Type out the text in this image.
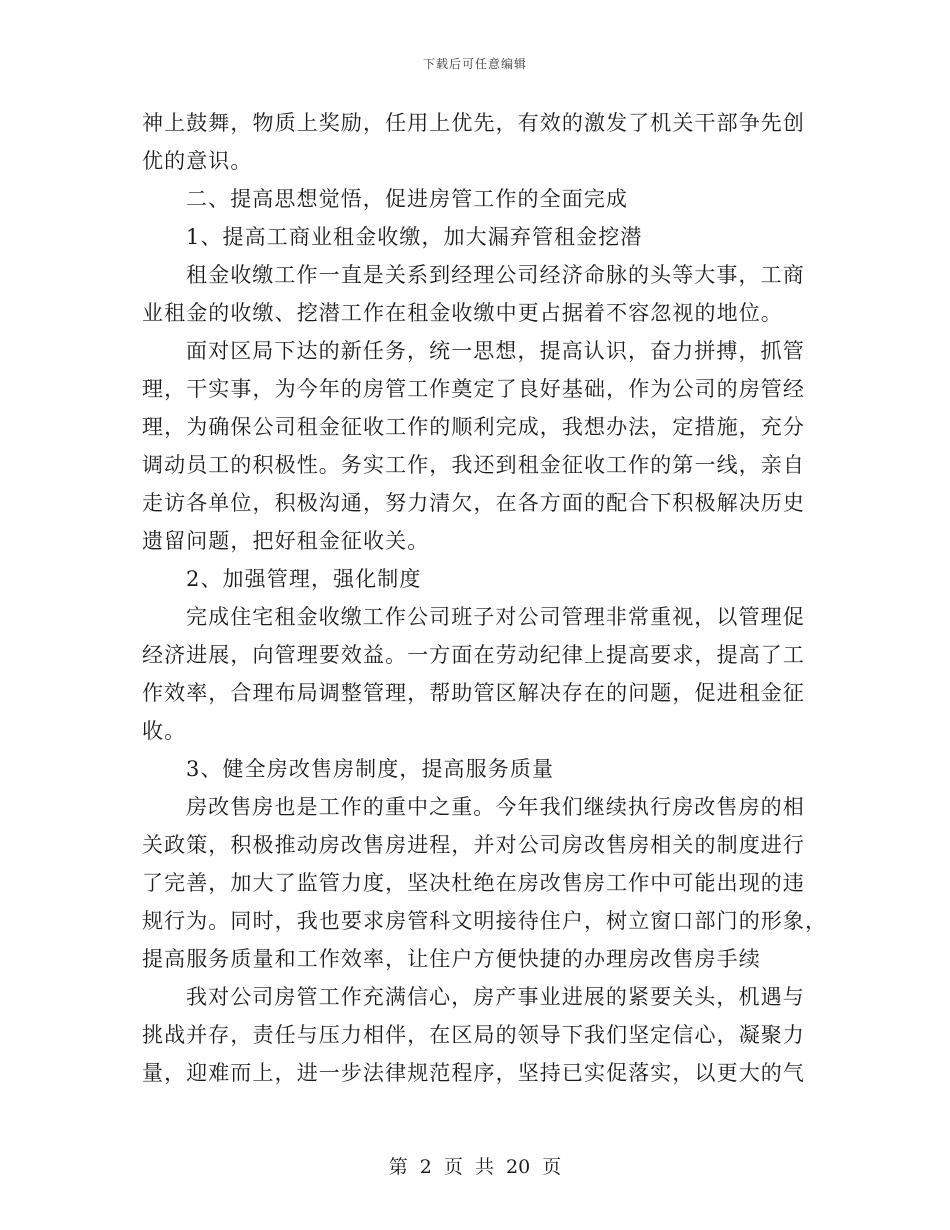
下载后可任意编辑
神上鼓舞，物质上奖励，任用上优先，有效的激发了机关干部争先创
优的意识。
二、提高思想觉悟，促进房管工作的全面完成
1、提高工商业租金收缴，加大漏弃管租金挖潜
租金收缴工作一直是关系到经理公司经济命脉的头等大事，工商
业租金的收缴、挖潜工作在租金收缴中更占据着不容忽视的地位。
面对区局下达的新任务，统一思想，提高认识，奋力拼搏，抓管
理，干实事，为今年的房管工作奠定了良好基础，作为公司的房管经
理，为确保公司租金征收工作的顺利完成，我想办法，定措施，充分
调动员工的积极性。务实工作，我还到租金征收工作的第一线，亲自
走访各单位，积极沟通，努力清欠，在各方面的配合下积极解决历史
遗留问题，把好租金征收关。
2、加强管理，强化制度
完成住宅租金收缴工作公司班子对公司管理非常重视，以管理促
经济进展，向管理要效益。一方面在劳动纪律上提高要求，提高了工
作效率，合理布局调整管理，帮助管区解决存在的问题，促进租金征
收。
3、健全房改售房制度，提高服务质量
房改售房也是工作的重中之重。今年我们继续执行房改售房的相
关政策，积极推动房改售房进程，并对公司房改售房相关的制度进行
了完善，加大了监管力度，坚决杜绝在房改售房工作中可能出现的违
规行为。同时，我也要求房管科文明接待住户，树立窗口部门的形象，
提高服务质量和工作效率，让住户方便快捷的办理房改售房手续
我对公司房管工作充满信心，房产事业进展的紧要关头，机遇与
挑战并存，责任与压力相伴，在区局的领导下我们坚定信心，凝聚力
量，迎难而上，进一步法律规范程序，坚持已实促落实，以更大的气
第 2 页 共 20 页
